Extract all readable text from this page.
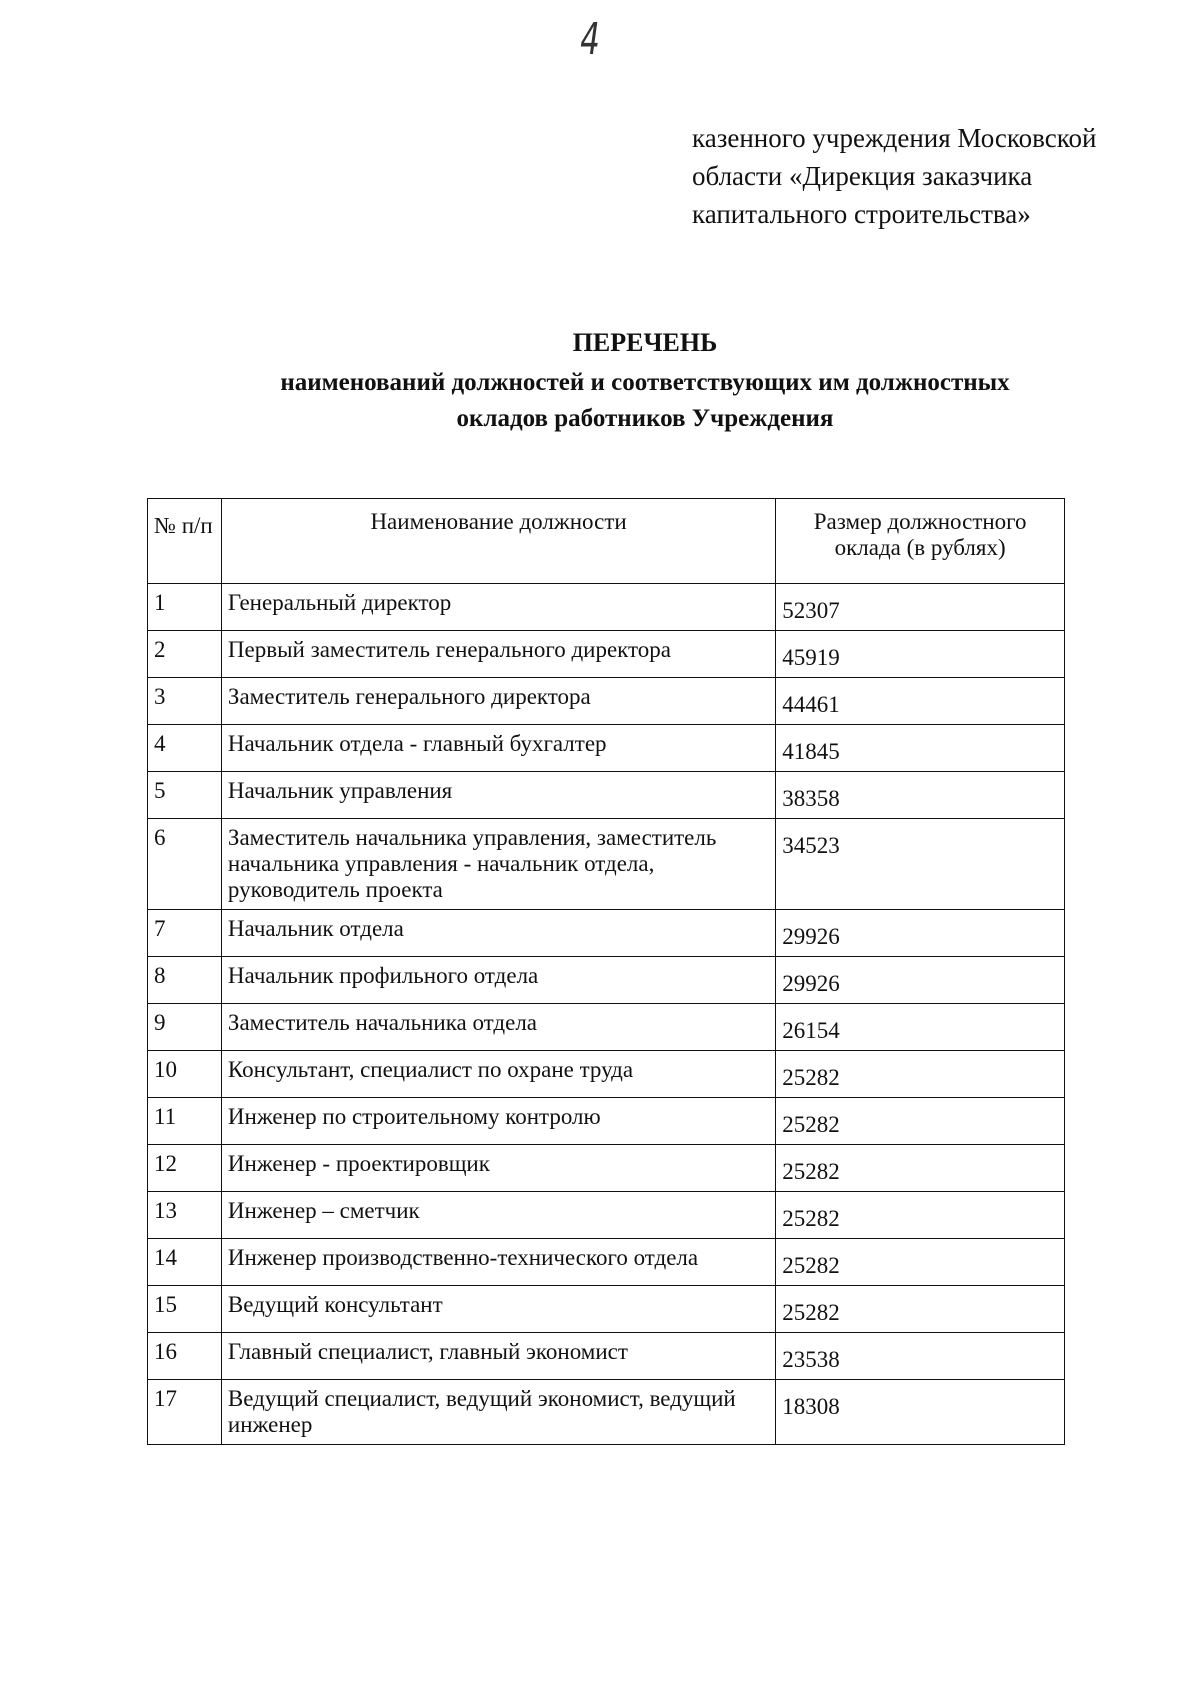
4
казенного учреждения Московской
области «Дирекция заказчика
капитального строительства»
ПЕРЕЧЕНЬ
наименований должностей и соответствующих им должностных
окладов работников Учреждения
№ п/п	Наименование должности	Размер должностного оклада (в рублях)
1	Генеральный директор	52307
2	Первый заместитель генерального директора	45919
3	Заместитель генерального директора	44461
4	Начальник отдела - главный бухгалтер	41845
5	Начальник управления	38358
6	Заместитель начальника управления, заместитель начальника управления - начальник отдела, руководитель проекта	34523
7	Начальник отдела	29926
8	Начальник профильного отдела	29926
9	Заместитель начальника отдела	26154
10	Консультант, специалист по охране труда	25282
11	Инженер по строительному контролю	25282
12	Инженер - проектировщик	25282
13	Инженер – сметчик	25282
14	Инженер производственно-технического отдела	25282
15	Ведущий консультант	25282
16	Главный специалист, главный экономист	23538
17	Ведущий специалист, ведущий экономист, ведущий инженер	18308
